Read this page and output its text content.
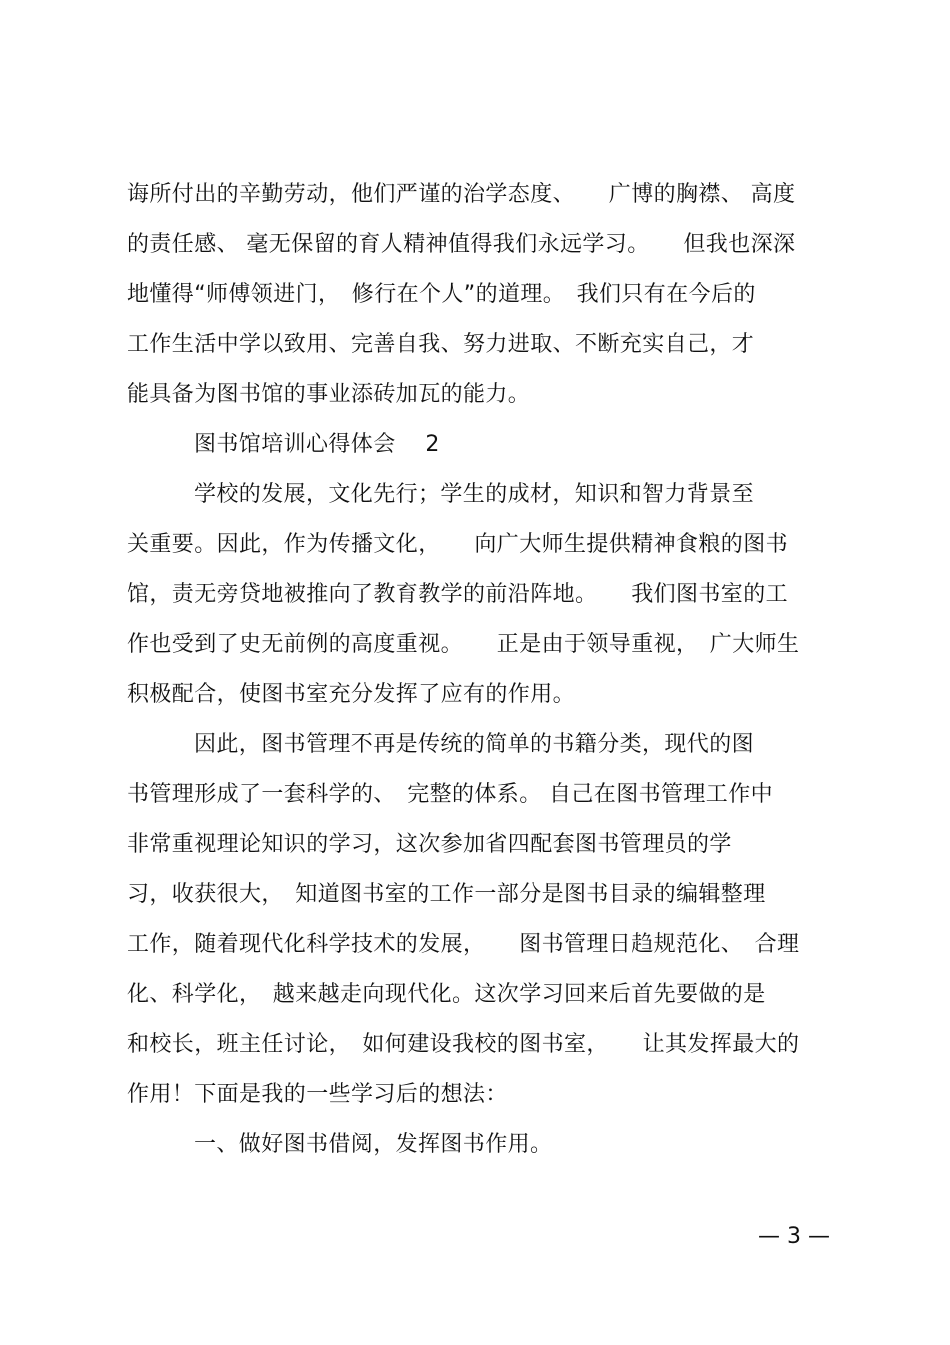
诲所付出的辛勤劳动，他们严谨的治学态度、　　广博的胸襟、 高度
的责任感、 毫无保留的育人精神值得我们永远学习。　　但我也深深
地懂得“师傅领进门，　修行在个人”的道理。　我们只有在今后的
工作生活中学以致用、完善自我、努力进取、不断充实自己，才
能具备为图书馆的事业添砖加瓦的能力。
图书馆培训心得体会　 2
学校的发展，文化先行；学生的成材，知识和智力背景至
关重要。因此，作为传播文化，　　向广大师生提供精神食粮的图书
馆，责无旁贷地被推向了教育教学的前沿阵地。　　我们图书室的工
作也受到了史无前例的高度重视。　　正是由于领导重视，　广大师生
积极配合，使图书室充分发挥了应有的作用。
因此，图书管理不再是传统的简单的书籍分类，现代的图
书管理形成了一套科学的、　完整的体系。 自己在图书管理工作中
非常重视理论知识的学习，这次参加省四配套图书管理员的学
习，收获很大，　知道图书室的工作一部分是图书目录的编辑整理
工作，随着现代化科学技术的发展，　　图书管理日趋规范化、　合理
化、科学化，　越来越走向现代化。这次学习回来后首先要做的是
和校长，班主任讨论，　如何建设我校的图书室，　　让其发挥最大的
作用！下面是我的一些学习后的想法：
一、做好图书借阅，发挥图书作用。
— 3 —
